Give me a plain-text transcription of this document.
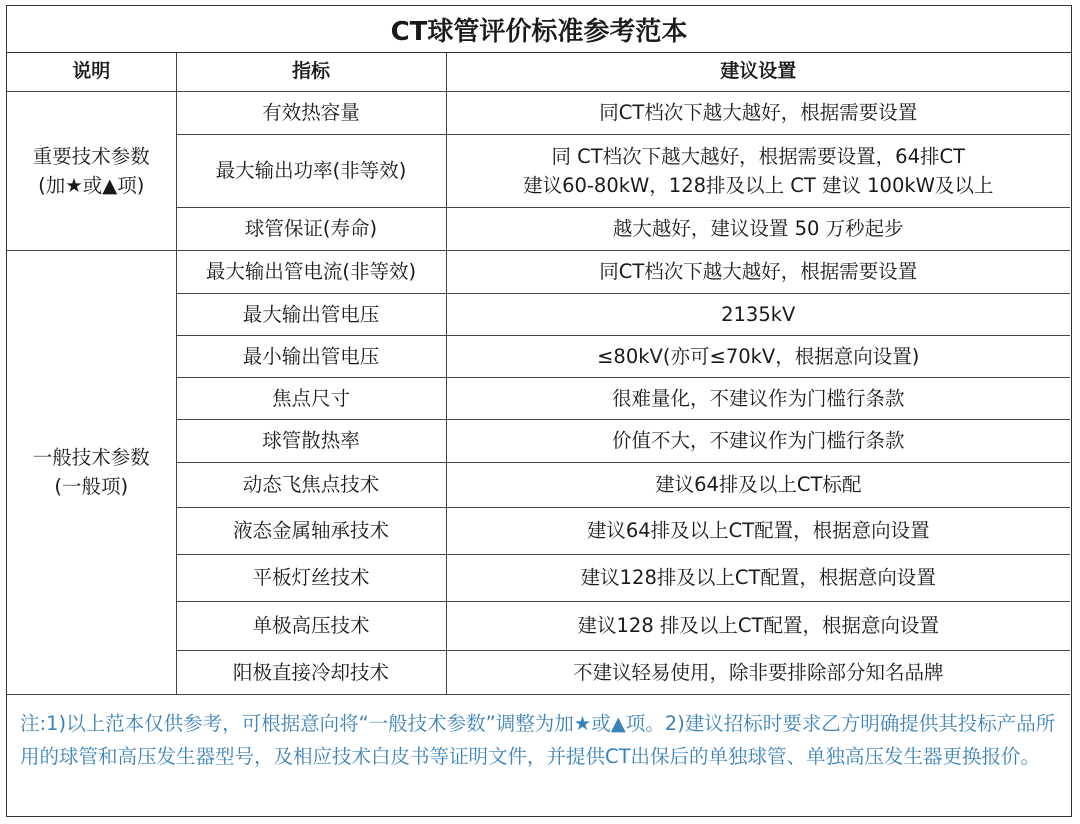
CT球管评价标准参考范本
说明	指标	建议设置

重要技术参数
(加★或▲项)	有效热容量	同CT档次下越大越好，根据需要设置
	最大输出功率(非等效)	同 CT档次下越大越好，根据需要设置，64排CT
建议60-80kW，128排及以上 CT 建议 100kW及以上

	球管保证(寿命)	越大越好，建议设置 50 万秒起步

一般技术参数
(一般项)	最大输出管电流(非等效)	同CT档次下越大越好，根据需要设置
	最大输出管电压	2135kV
	最小输出管电压	≤80kV(亦可≤70kV，根据意向设置)
	焦点尺寸	很难量化，不建议作为门槛行条款
	球管散热率	价值不大，不建议作为门槛行条款
	动态飞焦点技术	建议64排及以上CT标配
	液态金属轴承技术	建议64排及以上CT配置，根据意向设置
	平板灯丝技术	建议128排及以上CT配置，根据意向设置
	单极高压技术	建议128 排及以上CT配置，根据意向设置
	阳极直接冷却技术	不建议轻易使用，除非要排除部分知名品牌
注:1)以上范本仅供参考，可根据意向将“一般技术参数”调整为加★或▲项。2)建议招标时要求乙方明确提供其投标产品所用的球管和高压发生器型号，及相应技术白皮书等证明文件，并提供CT出保后的单独球管、单独高压发生器更换报价。
